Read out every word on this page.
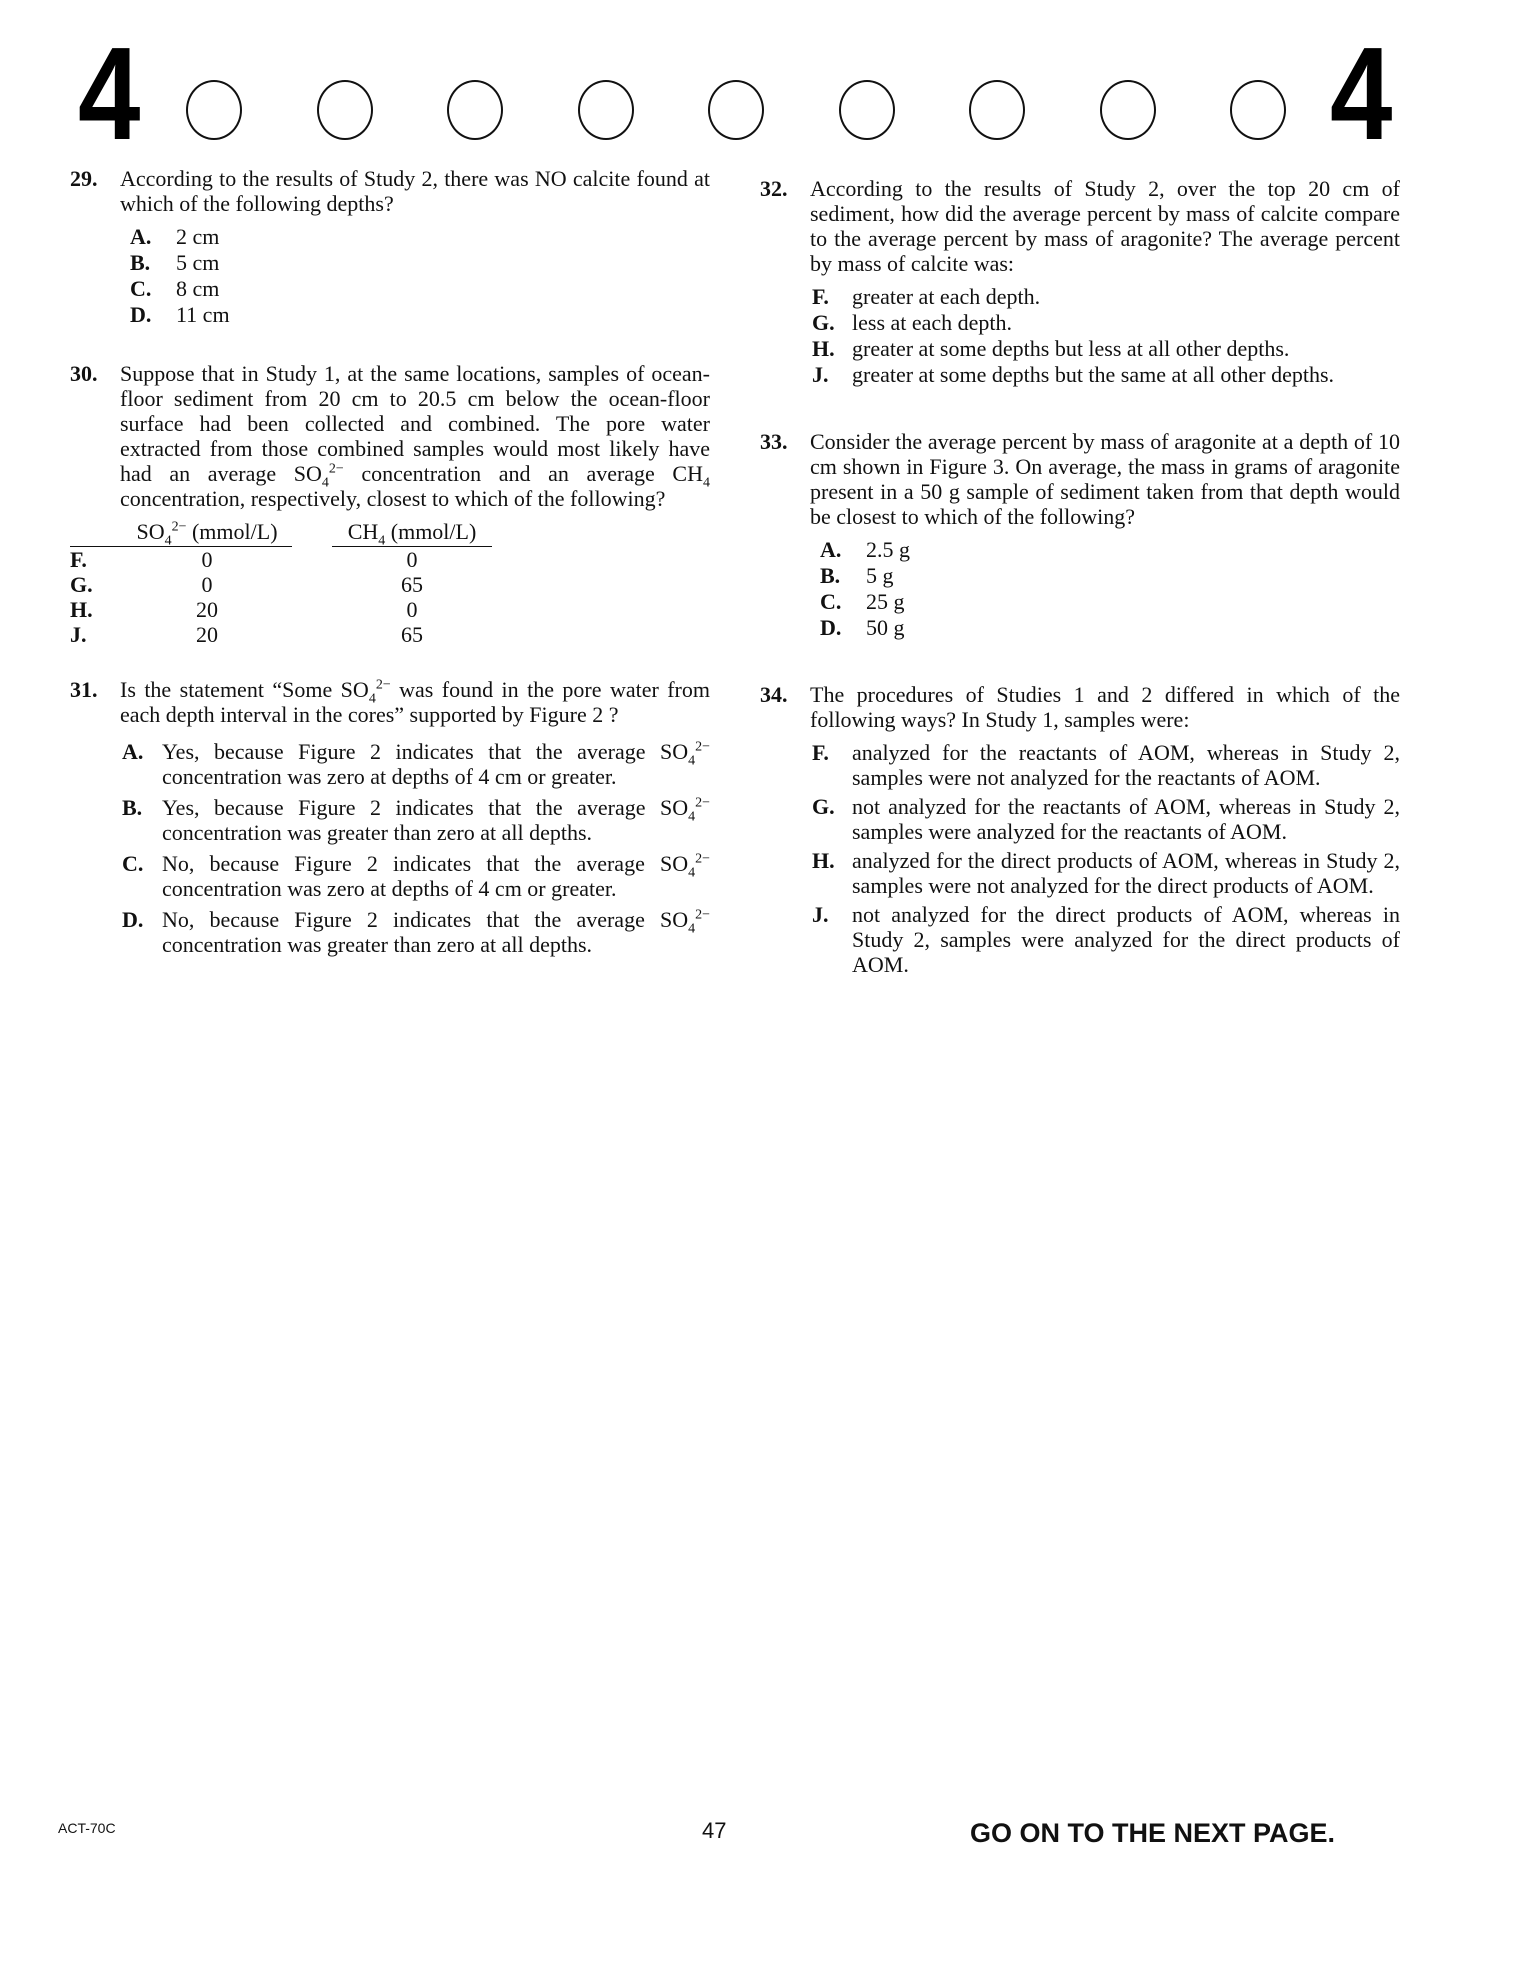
4	4
29. According to the results of Study 2, there was NO calcite found at which of the following depths?
A. 2 cm
B. 5 cm
C. 8 cm
D. 11 cm
30. Suppose that in Study 1, at the same locations, samples of ocean-floor sediment from 20 cm to 20.5 cm below the ocean-floor surface had been collected and combined. The pore water extracted from those combined samples would most likely have had an average $SO_4^{2-}$ concentration and an average $CH_4$ concentration, respectively, closest to which of the following?
	$SO_4^{2-}$ (mmol/L)		$CH_4$ (mmol/L)
F.	0		0
G.	0		65
H.	20		0
J.	20		65
31. Is the statement “Some $SO_4^{2-}$ was found in the pore water from each depth interval in the cores” supported by Figure 2 ?
A. Yes, because Figure 2 indicates that the average $SO_4^{2-}$ concentration was zero at depths of 4 cm or greater.
B. Yes, because Figure 2 indicates that the average $SO_4^{2-}$ concentration was greater than zero at all depths.
C. No, because Figure 2 indicates that the average $SO_4^{2-}$ concentration was zero at depths of 4 cm or greater.
D. No, because Figure 2 indicates that the average $SO_4^{2-}$ concentration was greater than zero at all depths.
32. According to the results of Study 2, over the top 20 cm of sediment, how did the average percent by mass of calcite compare to the average percent by mass of aragonite? The average percent by mass of calcite was:
F. greater at each depth.
G. less at each depth.
H. greater at some depths but less at all other depths.
J. greater at some depths but the same at all other depths.
33. Consider the average percent by mass of aragonite at a depth of 10 cm shown in Figure 3. On average, the mass in grams of aragonite present in a 50 g sample of sediment taken from that depth would be closest to which of the following?
A. 2.5 g
B. 5 g
C. 25 g
D. 50 g
34. The procedures of Studies 1 and 2 differed in which of the following ways? In Study 1, samples were:
F. analyzed for the reactants of AOM, whereas in Study 2, samples were not analyzed for the reactants of AOM.
G. not analyzed for the reactants of AOM, whereas in Study 2, samples were analyzed for the reactants of AOM.
H. analyzed for the direct products of AOM, whereas in Study 2, samples were not analyzed for the direct products of AOM.
J. not analyzed for the direct products of AOM, whereas in Study 2, samples were analyzed for the direct products of AOM.
ACT-70C	47	GO ON TO THE NEXT PAGE.
